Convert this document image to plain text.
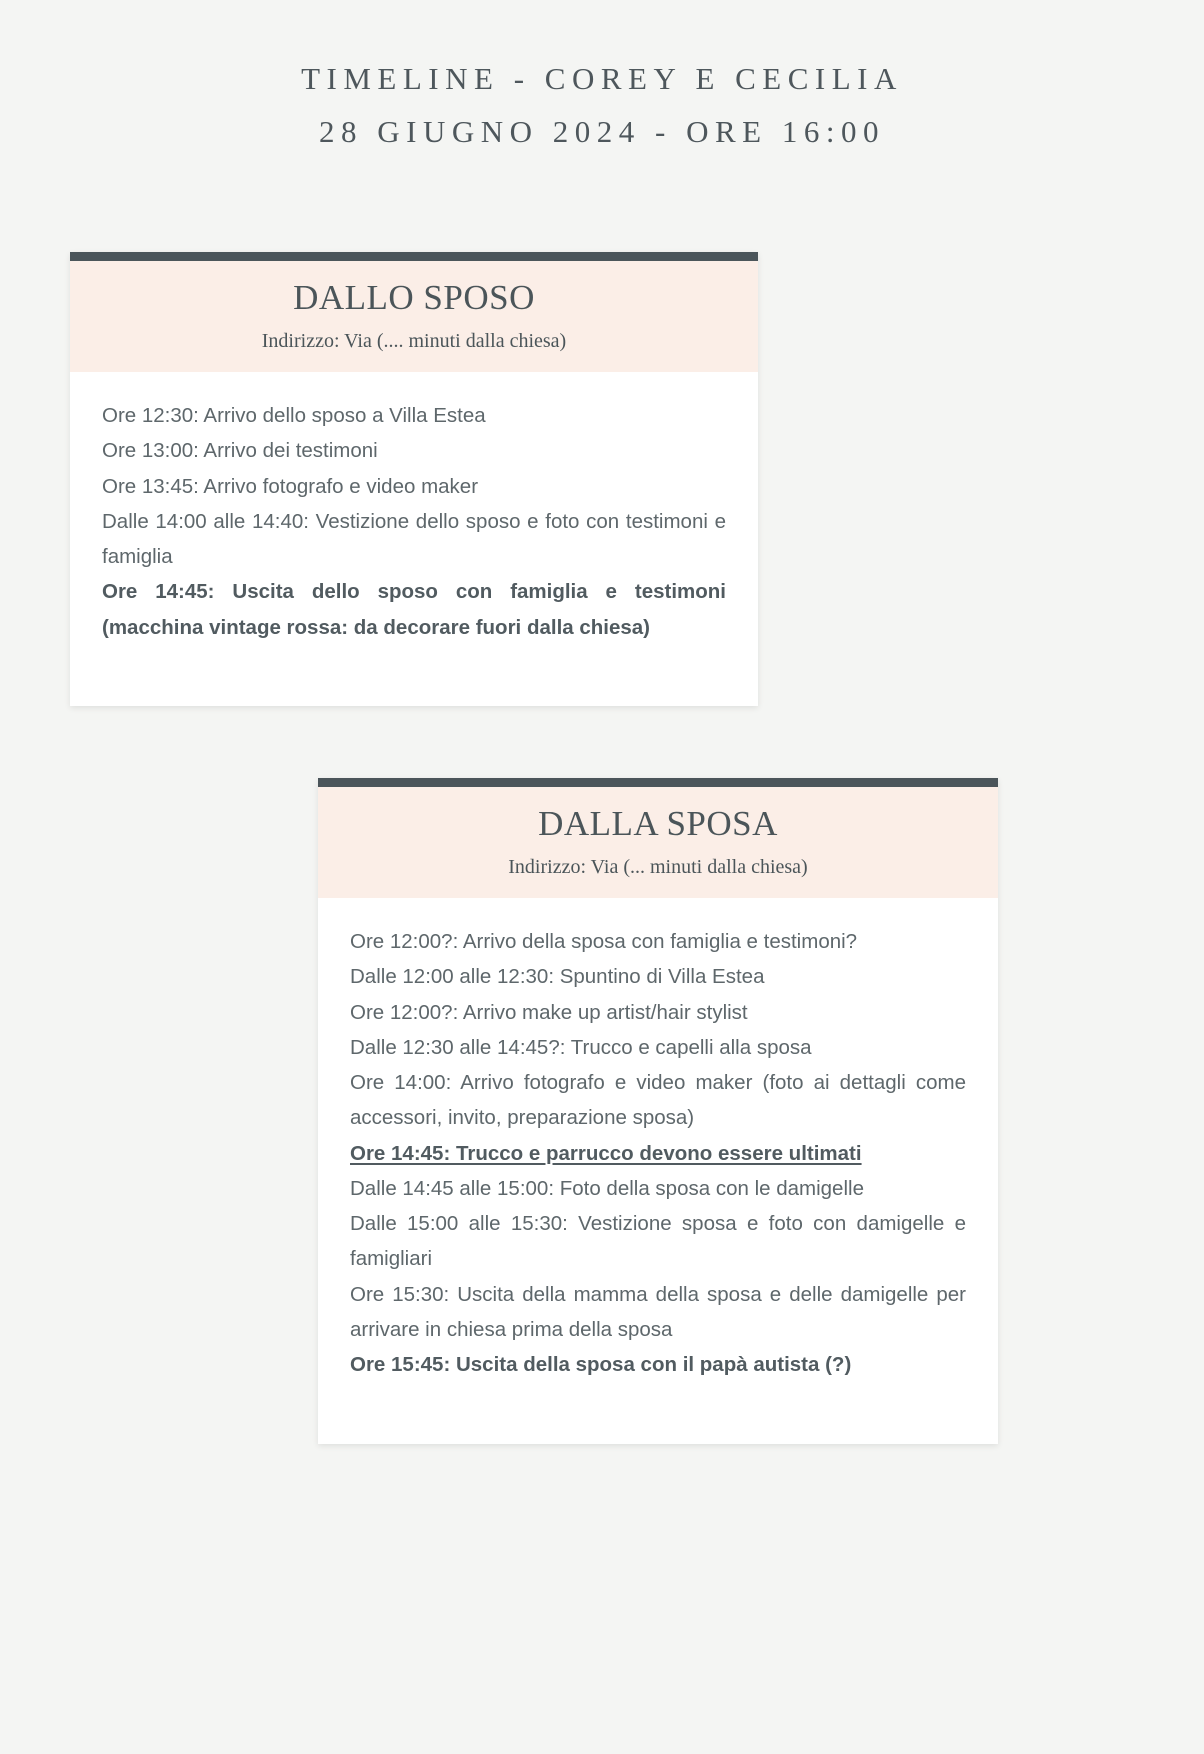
TIMELINE - COREY E CECILIA
28 GIUGNO 2024 - ORE 16:00
DALLO SPOSO
Indirizzo: Via (.... minuti dalla chiesa)

Ore 12:30: Arrivo dello sposo a Villa Estea

Ore 13:00: Arrivo dei testimoni

Ore 13:45: Arrivo fotografo e video maker

Dalle 14:00 alle 14:40: Vestizione dello sposo e foto con testimoni e famiglia

Ore 14:45: Uscita dello sposo con famiglia e testimoni (macchina vintage rossa: da decorare fuori dalla chiesa)

DALLA SPOSA
Indirizzo: Via (... minuti dalla chiesa)

Ore 12:00?: Arrivo della sposa con famiglia e testimoni?

Dalle 12:00 alle 12:30: Spuntino di Villa Estea

Ore 12:00?: Arrivo make up artist/hair stylist

Dalle 12:30 alle 14:45?: Trucco e capelli alla sposa

Ore 14:00: Arrivo fotografo e video maker (foto ai dettagli come accessori, invito, preparazione sposa)

Ore 14:45: Trucco e parrucco devono essere ultimati

Dalle 14:45 alle 15:00: Foto della sposa con le damigelle

Dalle 15:00 alle 15:30: Vestizione sposa e foto con damigelle e famigliari

Ore 15:30: Uscita della mamma della sposa e delle damigelle per arrivare in chiesa prima della sposa

Ore 15:45: Uscita della sposa con il papà autista (?)
